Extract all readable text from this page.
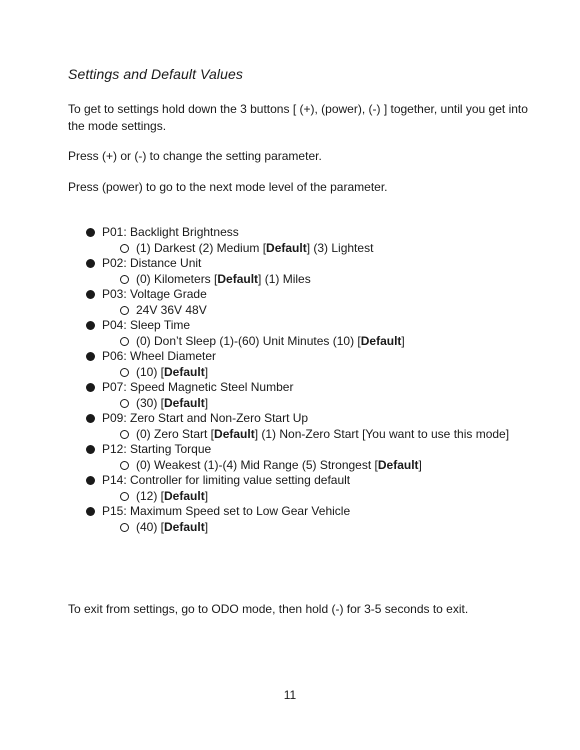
Settings and Default Values

To get to settings hold down the 3 buttons [ (+), (power), (-) ] together, until you get into the mode settings.

Press (+) or (-) to change the setting parameter.

Press (power) to go to the next mode level of the parameter.

P01: Backlight Brightness
(1) Darkest (2) Medium [Default] (3) Lightest
P02: Distance Unit
(0) Kilometers [Default] (1) Miles
P03: Voltage Grade
24V 36V 48V
P04: Sleep Time
(0) Don’t Sleep (1)-(60) Unit Minutes (10) [Default]
P06: Wheel Diameter
(10) [Default]
P07: Speed Magnetic Steel Number
(30) [Default]
P09: Zero Start and Non-Zero Start Up
(0) Zero Start [Default] (1) Non-Zero Start [You want to use this mode]
P12: Starting Torque
(0) Weakest (1)-(4) Mid Range (5) Strongest [Default]
P14: Controller for limiting value setting default
(12) [Default]
P15: Maximum Speed set to Low Gear Vehicle
(40) [Default]

To exit from settings, go to ODO mode, then hold (-) for 3-5 seconds to exit.

11
